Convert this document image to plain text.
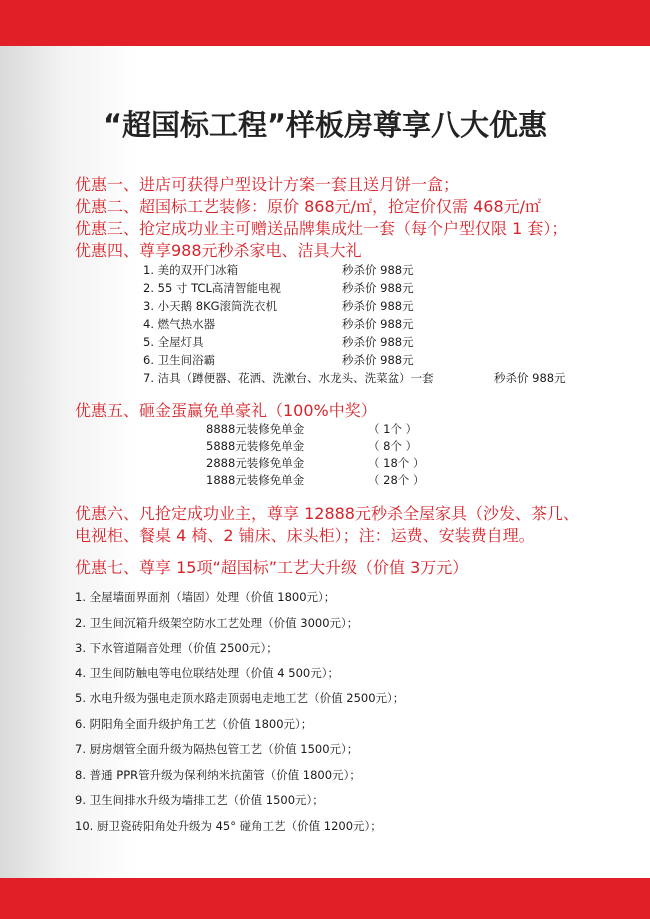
“超国标工程”样板房尊享八大优惠
优惠一、进店可获得户型设计方案一套且送月饼一盒；
优惠二、超国标工艺装修：原价 868元/㎡，抢定价仅需 468元/㎡
优惠三、抢定成功业主可赠送品牌集成灶一套（每个户型仅限 1 套）；
优惠四、尊享988元秒杀家电、洁具大礼
1. 美的双开门冰箱	秒杀价 988元
2. 55 寸 TCL高清智能电视	秒杀价 988元
3. 小天鹅 8KG滚筒洗衣机	秒杀价 988元
4. 燃气热水器	秒杀价 988元
5. 全屋灯具	秒杀价 988元
6. 卫生间浴霸	秒杀价 988元
7. 洁具（蹲便器、花洒、洗漱台、水龙头、洗菜盆）一套	秒杀价 988元
优惠五、砸金蛋赢免单豪礼（100%中奖）
8888元装修免单金	（ 1个 ）
5888元装修免单金	（ 8个 ）
2888元装修免单金	（ 18个 ）
1888元装修免单金	（ 28个 ）
优惠六、凡抢定成功业主，尊享 12888元秒杀全屋家具（沙发、茶几、
电视柜、餐桌 4 椅、2 铺床、床头柜）；注：运费、安装费自理。
优惠七、尊享 15项“超国标”工艺大升级（价值 3万元）
1. 全屋墙面界面剂（墙固）处理（价值 1800元）；
2. 卫生间沉箱升级架空防水工艺处理（价值 3000元）；
3. 下水管道隔音处理（价值 2500元）；
4. 卫生间防触电等电位联结处理（价值 4 500元）；
5. 水电升级为强电走顶水路走顶弱电走地工艺（价值 2500元）；
6. 阴阳角全面升级护角工艺（价值 1800元）；
7. 厨房烟管全面升级为隔热包管工艺（价值 1500元）；
8. 普通 PPR管升级为保利纳米抗菌管（价值 1800元）；
9. 卫生间排水升级为墙排工艺（价值 1500元）；
10. 厨卫瓷砖阳角处升级为 45° 碰角工艺（价值 1200元）；
